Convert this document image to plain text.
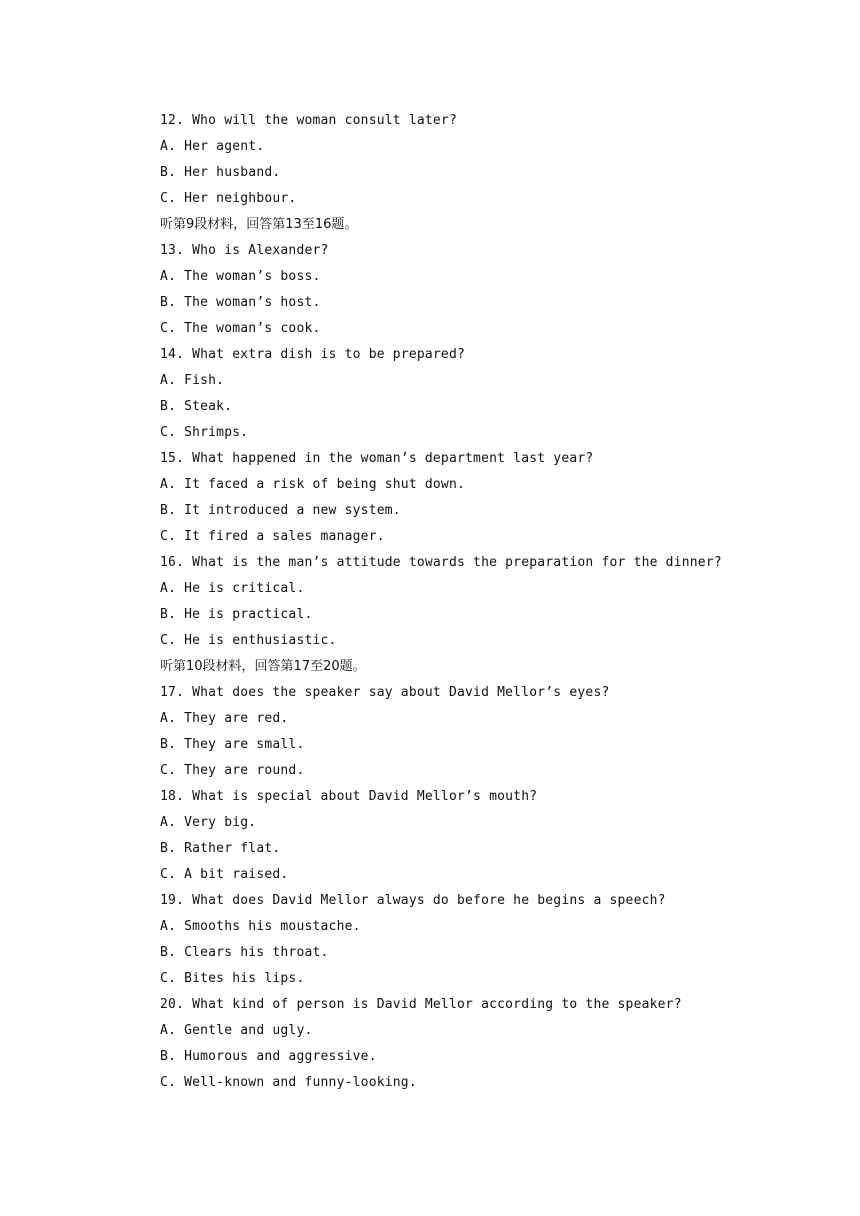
12. Who will the woman consult later?
A. Her agent.
B. Her husband.
C. Her neighbour.
听第9段材料，回答第13至16题。
13. Who is Alexander?
A. The woman’s boss.
B. The woman’s host.
C. The woman’s cook.
14. What extra dish is to be prepared?
A. Fish.
B. Steak.
C. Shrimps.
15. What happened in the woman’s department last year?
A. It faced a risk of being shut down.
B. It introduced a new system.
C. It fired a sales manager.
16. What is the man’s attitude towards the preparation for the dinner?
A. He is critical.
B. He is practical.
C. He is enthusiastic.
听第10段材料，回答第17至20题。
17. What does the speaker say about David Mellor’s eyes?
A. They are red.
B. They are small.
C. They are round.
18. What is special about David Mellor’s mouth?
A. Very big.
B. Rather flat.
C. A bit raised.
19. What does David Mellor always do before he begins a speech?
A. Smooths his moustache.
B. Clears his throat.
C. Bites his lips.
20. What kind of person is David Mellor according to the speaker?
A. Gentle and ugly.
B. Humorous and aggressive.
C. Well-known and funny-looking.
